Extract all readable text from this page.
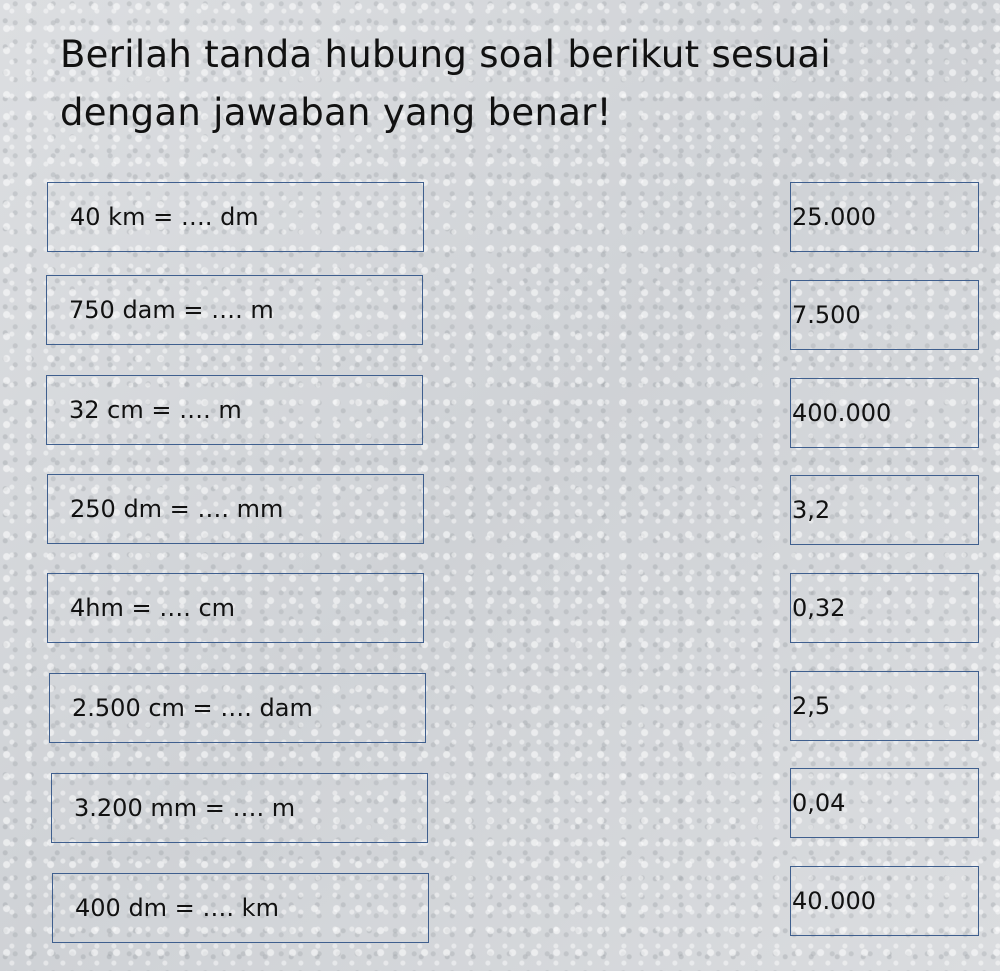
Berilah tanda hubung soal berikut sesuai
dengan jawaban yang benar!
40 km = …. dm
750 dam = …. m
32 cm = …. m
250 dm = …. mm
4hm = …. cm
2.500 cm = …. dam
3.200 mm = …. m
400 dm = …. km
25.000
7.500
400.000
3,2
0,32
2,5
0,04
40.000
